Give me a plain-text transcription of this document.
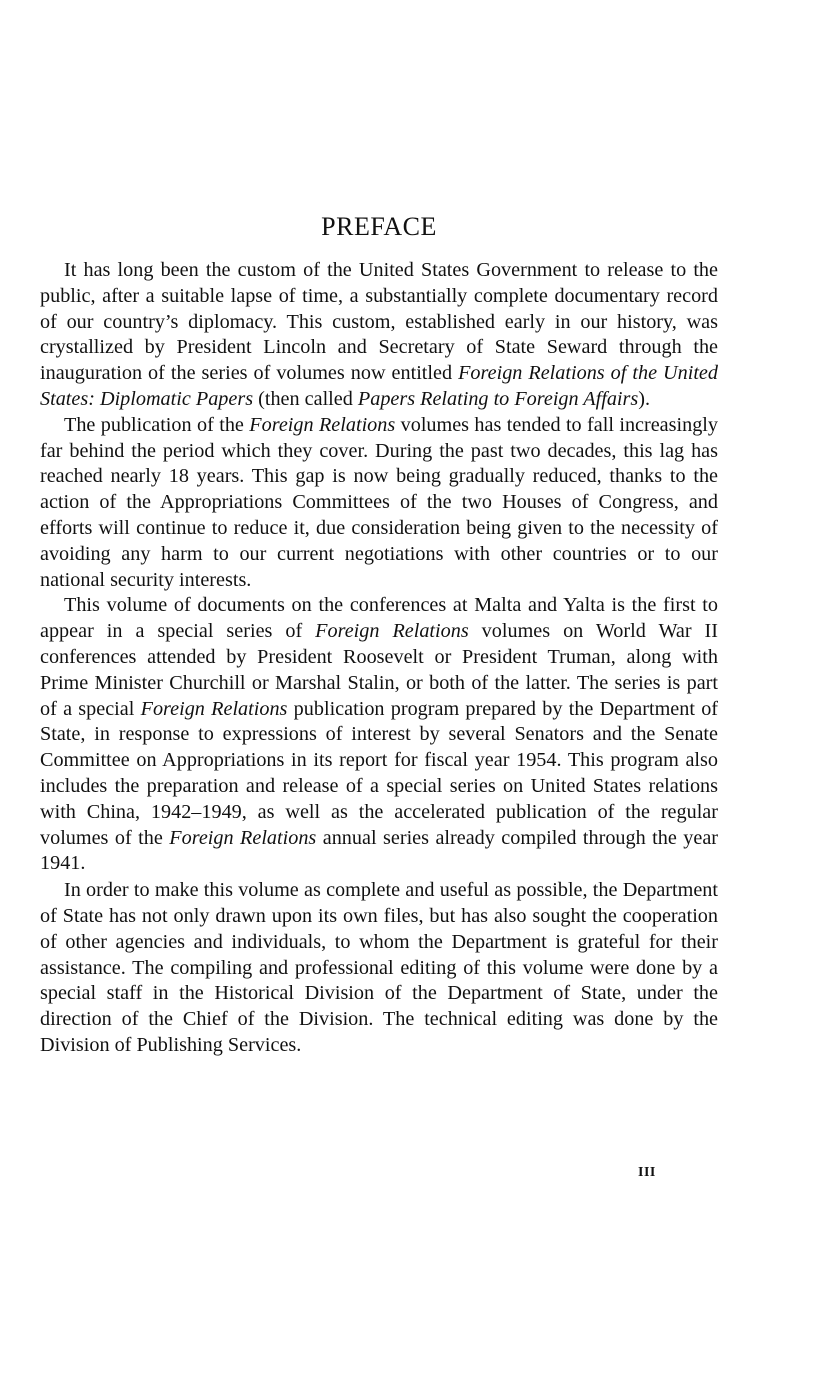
PREFACE

It has long been the custom of the United States Government to release to the public, after a suitable lapse of time, a substantially complete documentary record of our country’s diplomacy. This custom, established early in our history, was crystallized by President Lincoln and Secretary of State Seward through the inauguration of the series of volumes now entitled Foreign Relations of the United States: Diplomatic Papers (then called Papers Relating to Foreign Affairs).

The publication of the Foreign Relations volumes has tended to fall increasingly far behind the period which they cover. During the past two decades, this lag has reached nearly 18 years. This gap is now being gradually reduced, thanks to the action of the Appropriations Committees of the two Houses of Congress, and efforts will continue to reduce it, due consideration being given to the necessity of avoiding any harm to our current negotiations with other countries or to our national security interests.

This volume of documents on the conferences at Malta and Yalta is the first to appear in a special series of Foreign Relations volumes on World War II conferences attended by President Roosevelt or President Truman, along with Prime Minister Churchill or Marshal Stalin, or both of the latter. The series is part of a special Foreign Relations publication program prepared by the Department of State, in response to expressions of interest by several Senators and the Senate Committee on Appropriations in its report for fiscal year 1954. This program also includes the preparation and release of a special series on United States relations with China, 1942–1949, as well as the accelerated publication of the regular volumes of the Foreign Relations annual series already compiled through the year 1941.

In order to make this volume as complete and useful as possible, the Department of State has not only drawn upon its own files, but has also sought the cooperation of other agencies and individuals, to whom the Department is grateful for their assistance. The compiling and professional editing of this volume were done by a special staff in the Historical Division of the Department of State, under the direction of the Chief of the Division. The technical editing was done by the Division of Publishing Services.

III
